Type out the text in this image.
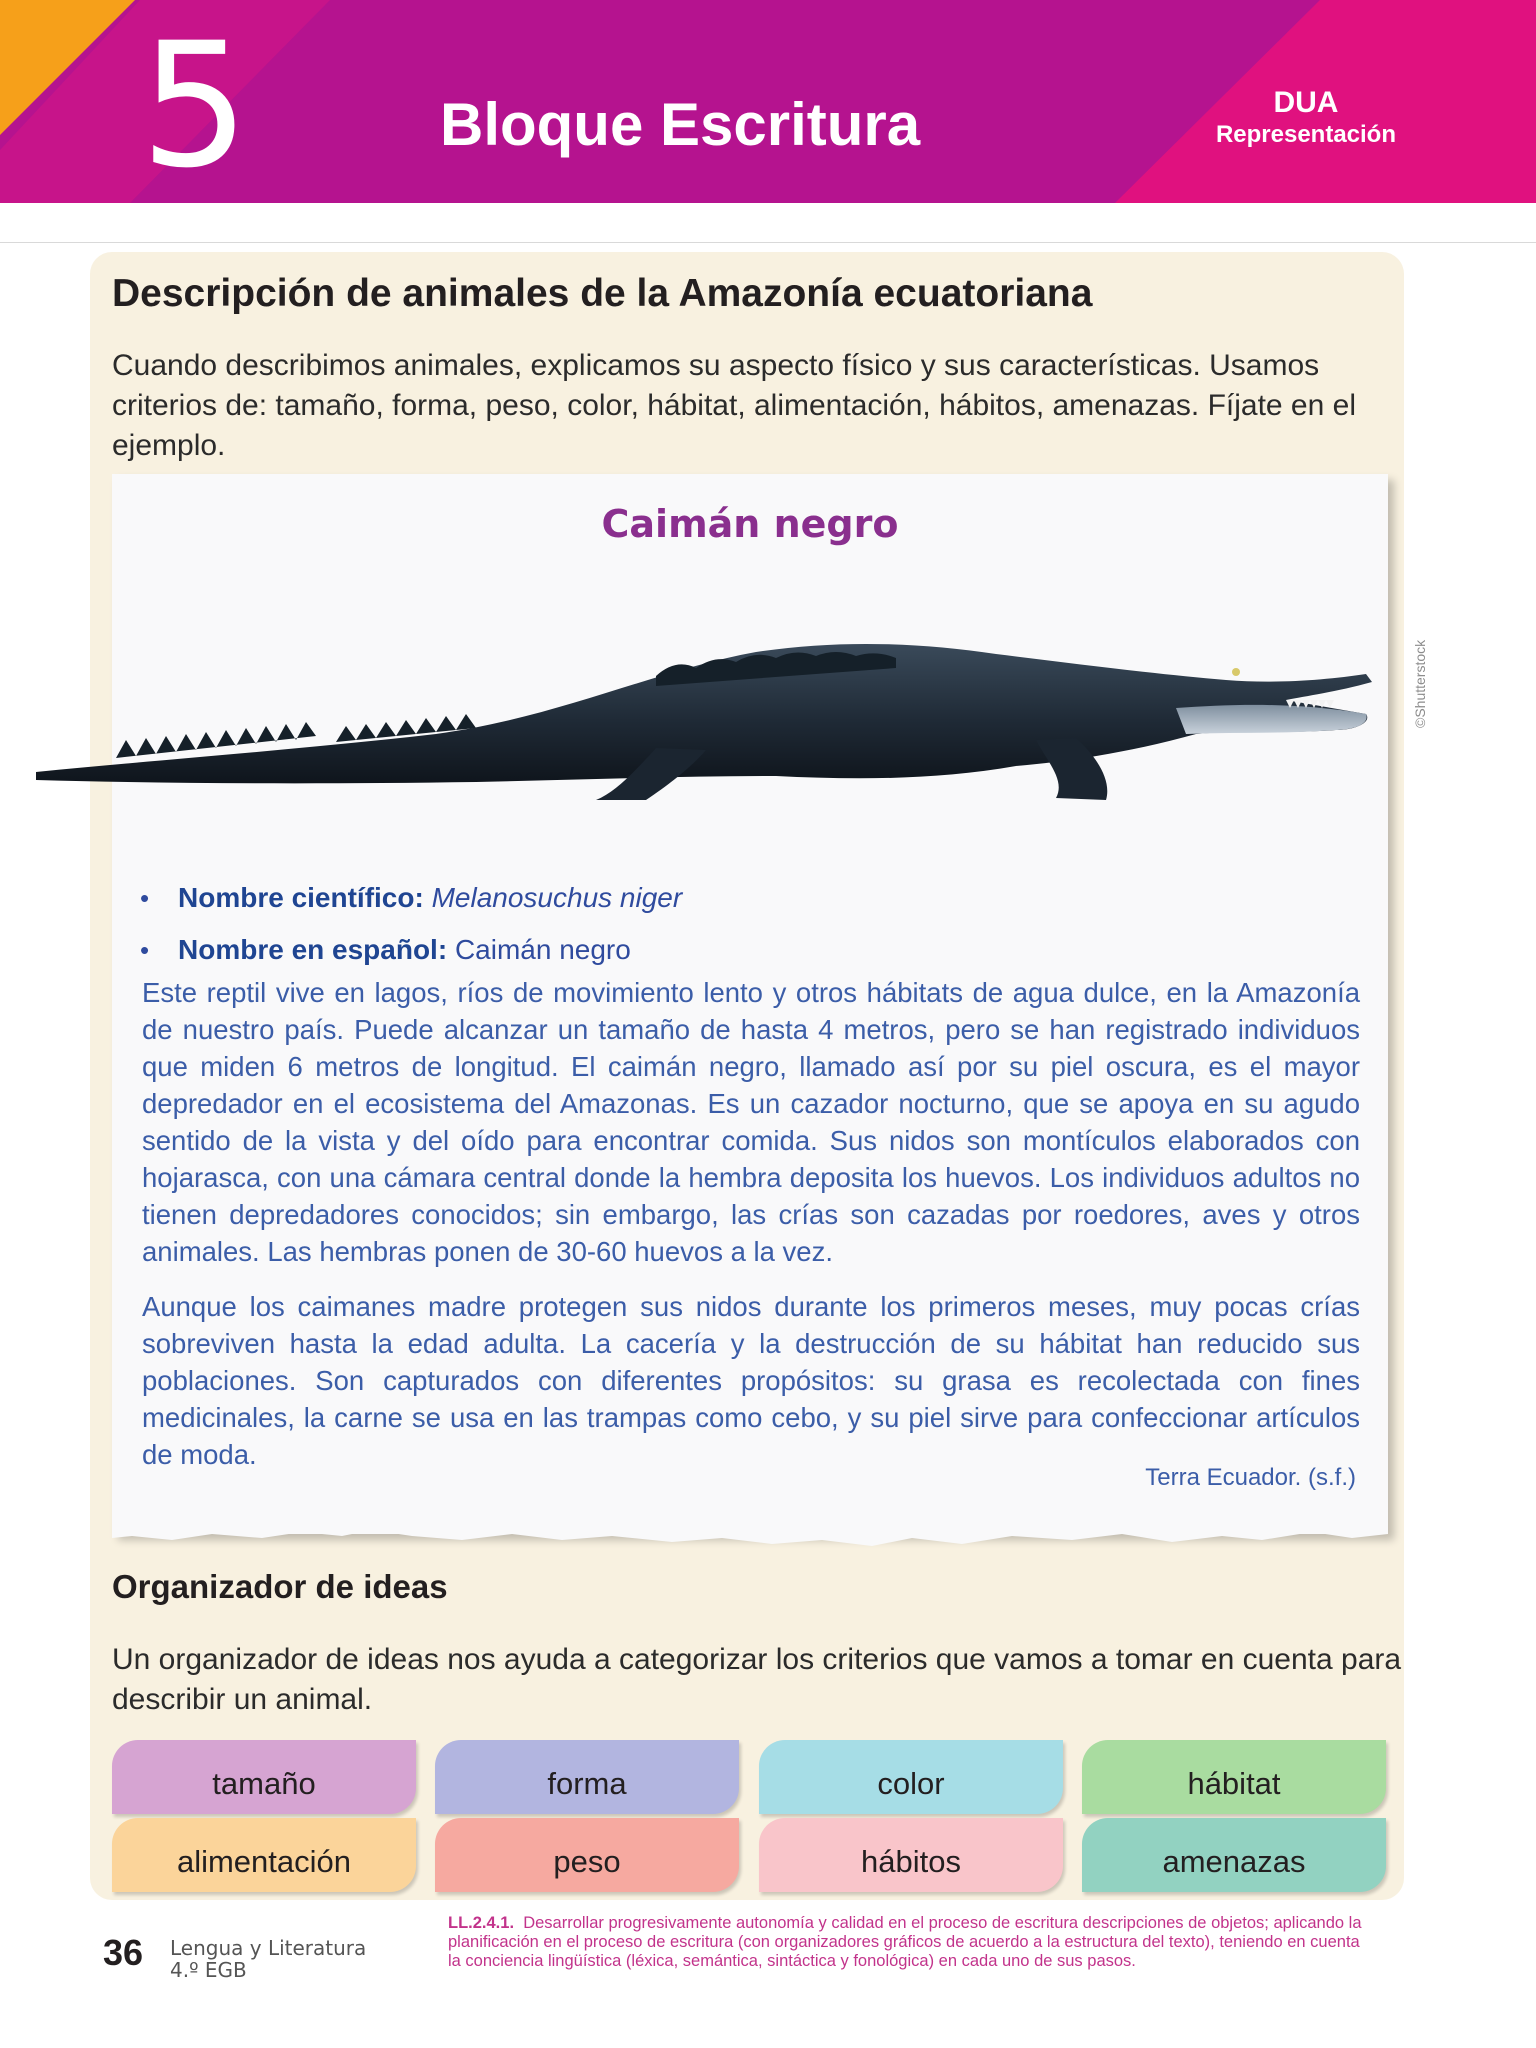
5	Bloque Escritura	DUA
Representación
Descripción de animales de la Amazonía ecuatoriana
Cuando describimos animales, explicamos su aspecto físico y sus características. Usamos criterios de: tamaño, forma, peso, color, hábitat, alimentación, hábitos, amenazas. Fíjate en el ejemplo.
Caimán negro
©Shutterstock
• Nombre científico: Melanosuchus niger
• Nombre en español: Caimán negro
Este reptil vive en lagos, ríos de movimiento lento y otros hábitats de agua dulce, en la Amazonía de nuestro país. Puede alcanzar un tamaño de hasta 4 metros, pero se han registrado individuos que miden 6 metros de longitud. El caimán negro, llamado así por su piel oscura, es el mayor depredador en el ecosistema del Amazonas. Es un cazador nocturno, que se apoya en su agudo sentido de la vista y del oído para encontrar comida. Sus nidos son montículos elaborados con hojarasca, con una cámara central donde la hembra deposita los huevos. Los individuos adultos no tienen depredadores conocidos; sin embargo, las crías son cazadas por roedores, aves y otros animales. Las hembras ponen de 30-60 huevos a la vez.
Aunque los caimanes madre protegen sus nidos durante los primeros meses, muy pocas crías sobreviven hasta la edad adulta. La cacería y la destrucción de su hábitat han reducido sus poblaciones. Son capturados con diferentes propósitos: su grasa es recolectada con fines medicinales, la carne se usa en las trampas como cebo, y su piel sirve para confeccionar artículos de moda.
Terra Ecuador. (s.f.)
Organizador de ideas
Un organizador de ideas nos ayuda a categorizar los criterios que vamos a tomar en cuenta para describir un animal.
tamaño	forma	color	hábitat
alimentación	peso	hábitos	amenazas
36 Lengua y Literatura
4.º EGB
LL.2.4.1. Desarrollar progresivamente autonomía y calidad en el proceso de escritura descripciones de objetos; aplicando la planificación en el proceso de escritura (con organizadores gráficos de acuerdo a la estructura del texto), teniendo en cuenta la conciencia lingüística (léxica, semántica, sintáctica y fonológica) en cada uno de sus pasos.
